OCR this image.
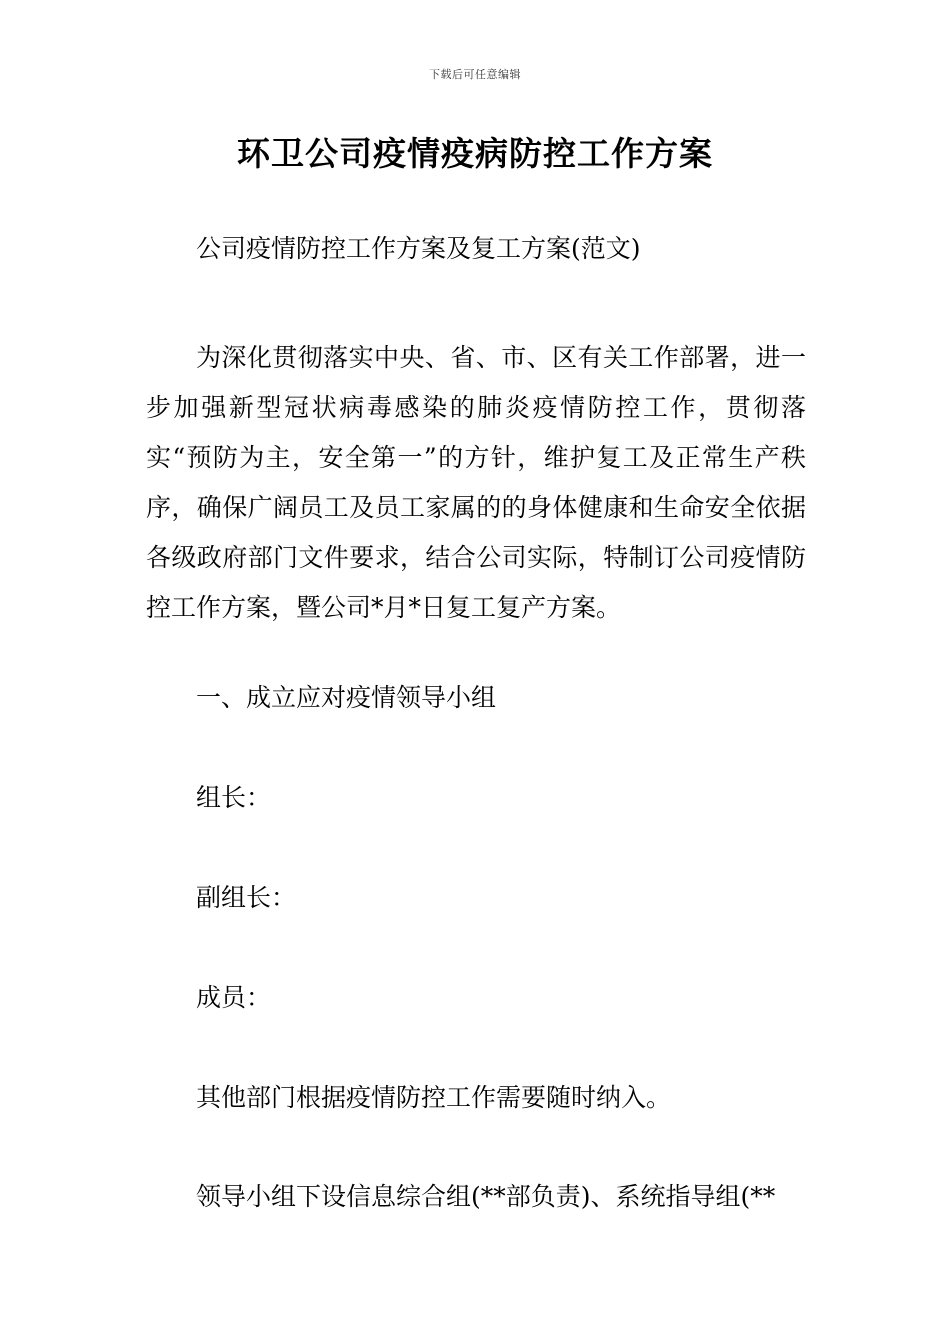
下载后可任意编辑
环卫公司疫情疫病防控工作方案
公司疫情防控工作方案及复工方案(范文)
为深化贯彻落实中央、省、市、区有关工作部署，进一步加强新型冠状病毒感染的肺炎疫情防控工作，贯彻落实“预防为主，安全第一”的方针，维护复工及正常生产秩序，确保广阔员工及员工家属的的身体健康和生命安全依据各级政府部门文件要求，结合公司实际，特制订公司疫情防控工作方案，暨公司*月*日复工复产方案。
一、成立应对疫情领导小组
组长：
副组长：
成员：
其他部门根据疫情防控工作需要随时纳入。
领导小组下设信息综合组(**部负责)、系统指导组(**
